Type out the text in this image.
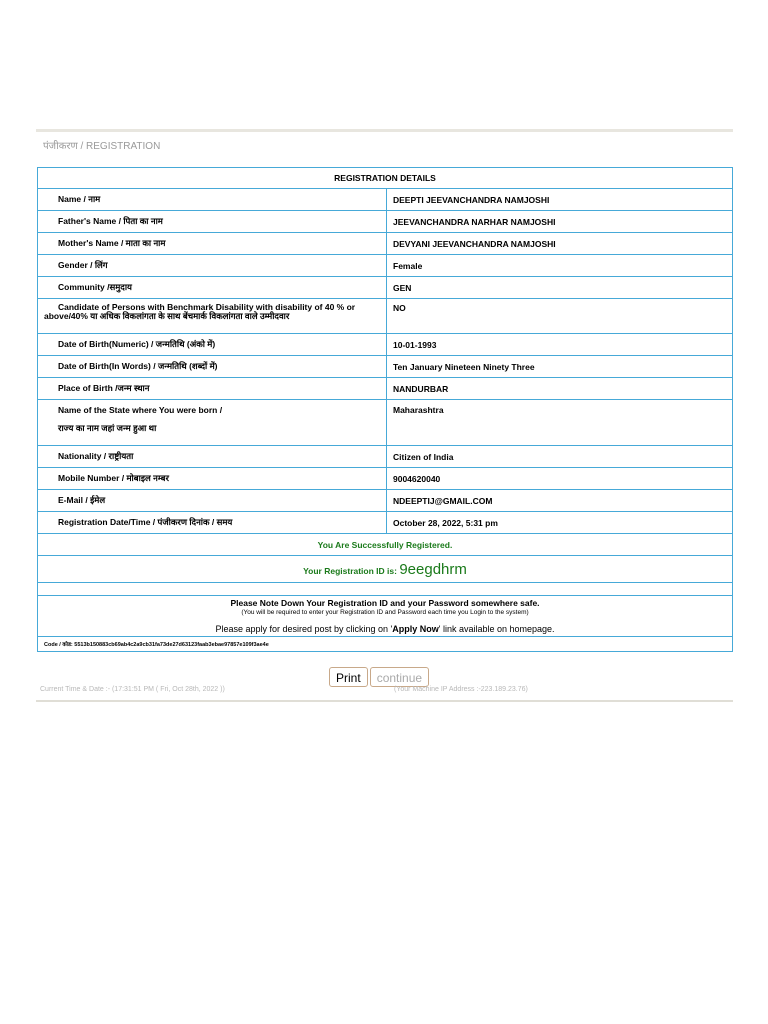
पंजीकरण / REGISTRATION
REGISTRATION DETAILS	
Name / नाम	DEEPTI JEEVANCHANDRA NAMJOSHI
Father's Name / पिता का नाम	JEEVANCHANDRA NARHAR NAMJOSHI
Mother's Name / माता का नाम	DEVYANI JEEVANCHANDRA NAMJOSHI
Gender / लिंग	Female
Community /समुदाय	GEN
Candidate of Persons with Benchmark Disability with disability of 40 % or above/40% या अधिक विकलांगता के साथ बेंचमार्क विकलांगता वाले उम्मीदवार	NO
Date of Birth(Numeric) / जन्मतिथि (अंको में)	10-01-1993
Date of Birth(In Words) / जन्मतिथि (शब्दों में)	Ten January Nineteen Ninety Three
Place of Birth /जन्म स्थान	NANDURBAR

Name of the State where You were born /
राज्य का नाम जहां जन्म हुआ था	Maharashtra
Nationality / राष्ट्रीयता	Citizen of India
Mobile Number / मोबाइल नम्बर	9004620040
E-Mail / ईमेल	NDEEPTIJ@GMAIL.COM
Registration Date/Time / पंजीकरण दिनांक / समय	October 28, 2022, 5:31 pm
You Are Successfully Registered.	
Your Registration ID is: 9eegdhrm	

Please Note Down Your Registration ID and your Password somewhere safe.
(You will be required to enter your Registration ID and Password each time you Login to the system)
Please apply for desired post by clicking on 'Apply Now' link available on homepage.	

Code / कोड: 5513b150883cb69ab4c2a9cb31fa73de27d63123faab3ebae97857e109f3ae4e	
Print	continue
Current Time & Date :- (17:31:51 PM ( Fri, Oct 28th, 2022 ))	(Your Machine IP Address :-223.189.23.76)
